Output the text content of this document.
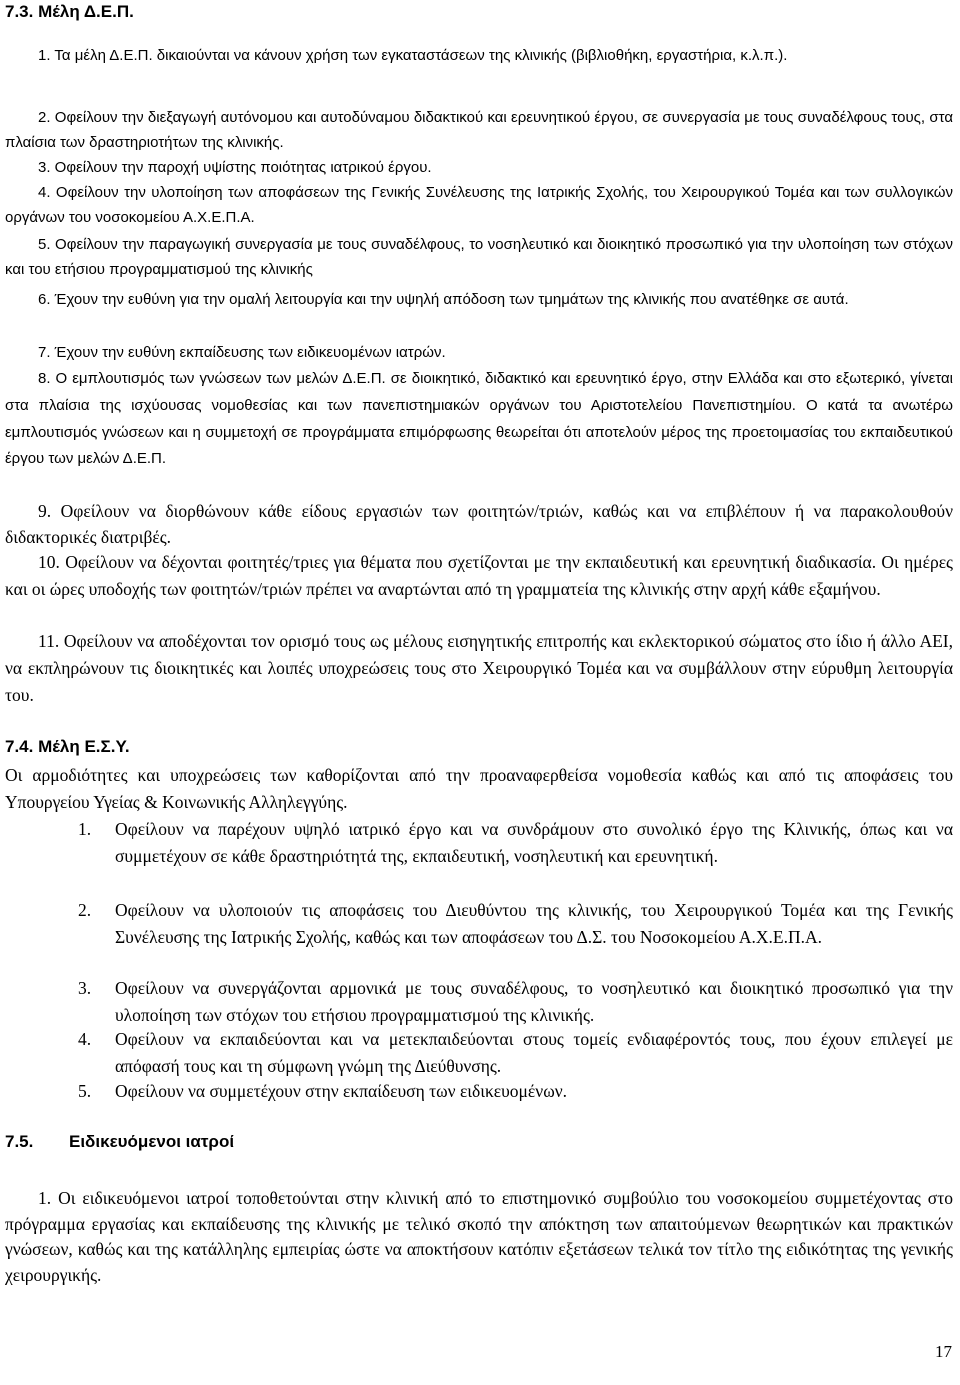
7.3. Μέλη Δ.Ε.Π.
1. Τα μέλη Δ.Ε.Π. δικαιούνται να κάνουν χρήση των εγκαταστάσεων της κλινικής (βιβλιοθήκη, εργαστήρια, κ.λ.π.).
2. Οφείλουν την διεξαγωγή αυτόνομου και αυτοδύναμου διδακτικού και ερευνητικού έργου, σε συνεργασία με τους συναδέλφους τους, στα πλαίσια των δραστηριοτήτων της κλινικής.
3. Οφείλουν την παροχή υψίστης ποιότητας ιατρικού έργου.
4. Οφείλουν την υλοποίηση των αποφάσεων της Γενικής Συνέλευσης της Ιατρικής Σχολής, του Χειρουργικού Τομέα και των συλλογικών οργάνων του νοσοκομείου Α.Χ.Ε.Π.Α.
5. Οφείλουν την παραγωγική συνεργασία με τους συναδέλφους, το νοσηλευτικό και διοικητικό προσωπικό για την υλοποίηση των στόχων και του ετήσιου προγραμματισμού της κλινικής
6. Έχουν την ευθύνη για την ομαλή λειτουργία και την υψηλή απόδοση των τμημάτων της κλινικής που ανατέθηκε σε αυτά.
7. Έχουν την ευθύνη εκπαίδευσης των ειδικευομένων ιατρών.
8. Ο εμπλουτισμός των γνώσεων των μελών Δ.Ε.Π. σε διοικητικό, διδακτικό και ερευνητικό έργο, στην Ελλάδα και στο εξωτερικό, γίνεται στα πλαίσια της ισχύουσας νομοθεσίας και των πανεπιστημιακών οργάνων του Αριστοτελείου Πανεπιστημίου. Ο κατά τα ανωτέρω εμπλουτισμός γνώσεων και η συμμετοχή σε προγράμματα επιμόρφωσης θεωρείται ότι αποτελούν μέρος της προετοιμασίας του εκπαιδευτικού έργου των μελών Δ.Ε.Π.
9. Οφείλουν να διορθώνουν κάθε είδους εργασιών των φοιτητών/τριών, καθώς και να επιβλέπουν ή να παρακολουθούν διδακτορικές διατριβές.
10. Οφείλουν να δέχονται φοιτητές/τριες για θέματα που σχετίζονται με την εκπαιδευτική και ερευνητική διαδικασία. Οι ημέρες και οι ώρες υποδοχής των φοιτητών/τριών πρέπει να αναρτώνται από τη γραμματεία της κλινικής στην αρχή κάθε εξαμήνου.
11. Οφείλουν να αποδέχονται τον ορισμό τους ως μέλους εισηγητικής επιτροπής και εκλεκτορικού σώματος στο ίδιο ή άλλο ΑΕΙ, να εκπληρώνουν τις διοικητικές και λοιπές υποχρεώσεις τους στο Χειρουργικό Τομέα και να συμβάλλουν στην εύρυθμη λειτουργία του.
7.4. Μέλη Ε.Σ.Υ.
Οι αρμοδιότητες και υποχρεώσεις των καθορίζονται από την προαναφερθείσα νομοθεσία καθώς και από τις αποφάσεις του Υπουργείου Υγείας & Κοινωνικής Αλληλεγγύης.
1. Οφείλουν να παρέχουν υψηλό ιατρικό έργο και να συνδράμουν στο συνολικό έργο της Κλινικής, όπως και να συμμετέχουν σε κάθε δραστηριότητά της, εκπαιδευτική, νοσηλευτική και ερευνητική.
2. Οφείλουν να υλοποιούν τις αποφάσεις του Διευθύντου της κλινικής, του Χειρουργικού Τομέα και της Γενικής Συνέλευσης της Ιατρικής Σχολής, καθώς και των αποφάσεων του Δ.Σ. του Νοσοκομείου Α.Χ.Ε.Π.Α.
3. Οφείλουν να συνεργάζονται αρμονικά με τους συναδέλφους, το νοσηλευτικό και διοικητικό προσωπικό για την υλοποίηση των στόχων του ετήσιου προγραμματισμού της κλινικής.
4. Οφείλουν να εκπαιδεύονται και να μετεκπαιδεύονται στους τομείς ενδιαφέροντός τους, που έχουν επιλεγεί με απόφασή τους και τη σύμφωνη γνώμη της Διεύθυνσης.
5. Οφείλουν να συμμετέχουν στην εκπαίδευση των ειδικευομένων.
7.5. Ειδικευόμενοι ιατροί
1. Οι ειδικευόμενοι ιατροί τοποθετούνται στην κλινική από το επιστημονικό συμβούλιο του νοσοκομείου συμμετέχοντας στο πρόγραμμα εργασίας και εκπαίδευσης της κλινικής με τελικό σκοπό την απόκτηση των απαιτούμενων θεωρητικών και πρακτικών γνώσεων, καθώς και της κατάλληλης εμπειρίας ώστε να αποκτήσουν κατόπιν εξετάσεων τελικά τον τίτλο της ειδικότητας της γενικής χειρουργικής.
17
